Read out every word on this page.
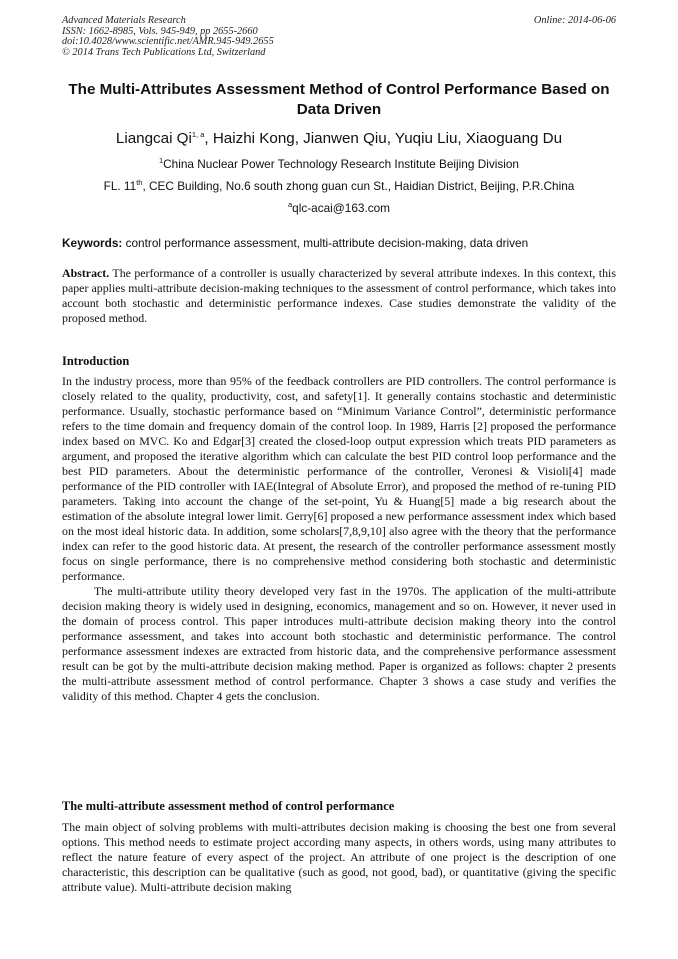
Advanced Materials Research
ISSN: 1662-8985, Vols. 945-949, pp 2655-2660
doi:10.4028/www.scientific.net/AMR.945-949.2655
© 2014 Trans Tech Publications Ltd, Switzerland
Online: 2014-06-06
The Multi-Attributes Assessment Method of Control Performance Based on Data Driven
Liangcai Qi$^{1, a}$, Haizhi Kong, Jianwen Qiu, Yuqiu Liu, Xiaoguang Du
$^1$China Nuclear Power Technology Research Institute Beijing Division
FL. 11th, CEC Building, No.6 south zhong guan cun St., Haidian District, Beijing, P.R.China
$^a$qlc-acai@163.com
Keywords: control performance assessment, multi-attribute decision-making, data driven

Abstract. The performance of a controller is usually characterized by several attribute indexes. In this context, this paper applies multi-attribute decision-making techniques to the assessment of control performance, which takes into account both stochastic and deterministic performance indexes. Case studies demonstrate the validity of the proposed method.

Introduction

In the industry process, more than 95% of the feedback controllers are PID controllers. The control performance is closely related to the quality, productivity, cost, and safety[1]. It generally contains stochastic and deterministic performance. Usually, stochastic performance based on “Minimum Variance Control”, deterministic performance refers to the time domain and frequency domain of the control loop. In 1989, Harris [2] proposed the performance index based on MVC. Ko and Edgar[3] created the closed-loop output expression which treats PID parameters as argument, and proposed the iterative algorithm which can calculate the best PID control loop performance and the best PID parameters. About the deterministic performance of the controller, Veronesi & Visioli[4] made performance of the PID controller with IAE(Integral of Absolute Error), and proposed the method of re-tuning PID parameters. Taking into account the change of the set-point, Yu & Huang[5] made a big research about the estimation of the absolute integral lower limit. Gerry[6] proposed a new performance assessment index which based on the most ideal historic data. In addition, some scholars[7,8,9,10] also agree with the theory that the performance index can refer to the good historic data. At present, the research of the controller performance assessment mostly focus on single performance, there is no comprehensive method considering both stochastic and deterministic performance.

The multi-attribute utility theory developed very fast in the 1970s. The application of the multi-attribute decision making theory is widely used in designing, economics, management and so on. However, it never used in the domain of process control. This paper introduces multi-attribute decision making theory into the control performance assessment, and takes into account both stochastic and deterministic performance. The control performance assessment indexes are extracted from historic data, and the comprehensive performance assessment result can be got by the multi-attribute decision making method. Paper is organized as follows: chapter 2 presents the multi-attribute assessment method of control performance. Chapter 3 shows a case study and verifies the validity of this method. Chapter 4 gets the conclusion.

The multi-attribute assessment method of control performance

The main object of solving problems with multi-attributes decision making is choosing the best one from several options. This method needs to estimate project according many aspects, in others words, using many attributes to reflect the nature feature of every aspect of the project. An attribute of one project is the description of one characteristic, this description can be qualitative (such as good, not good, bad), or quantitative (giving the specific attribute value). Multi-attribute decision making
